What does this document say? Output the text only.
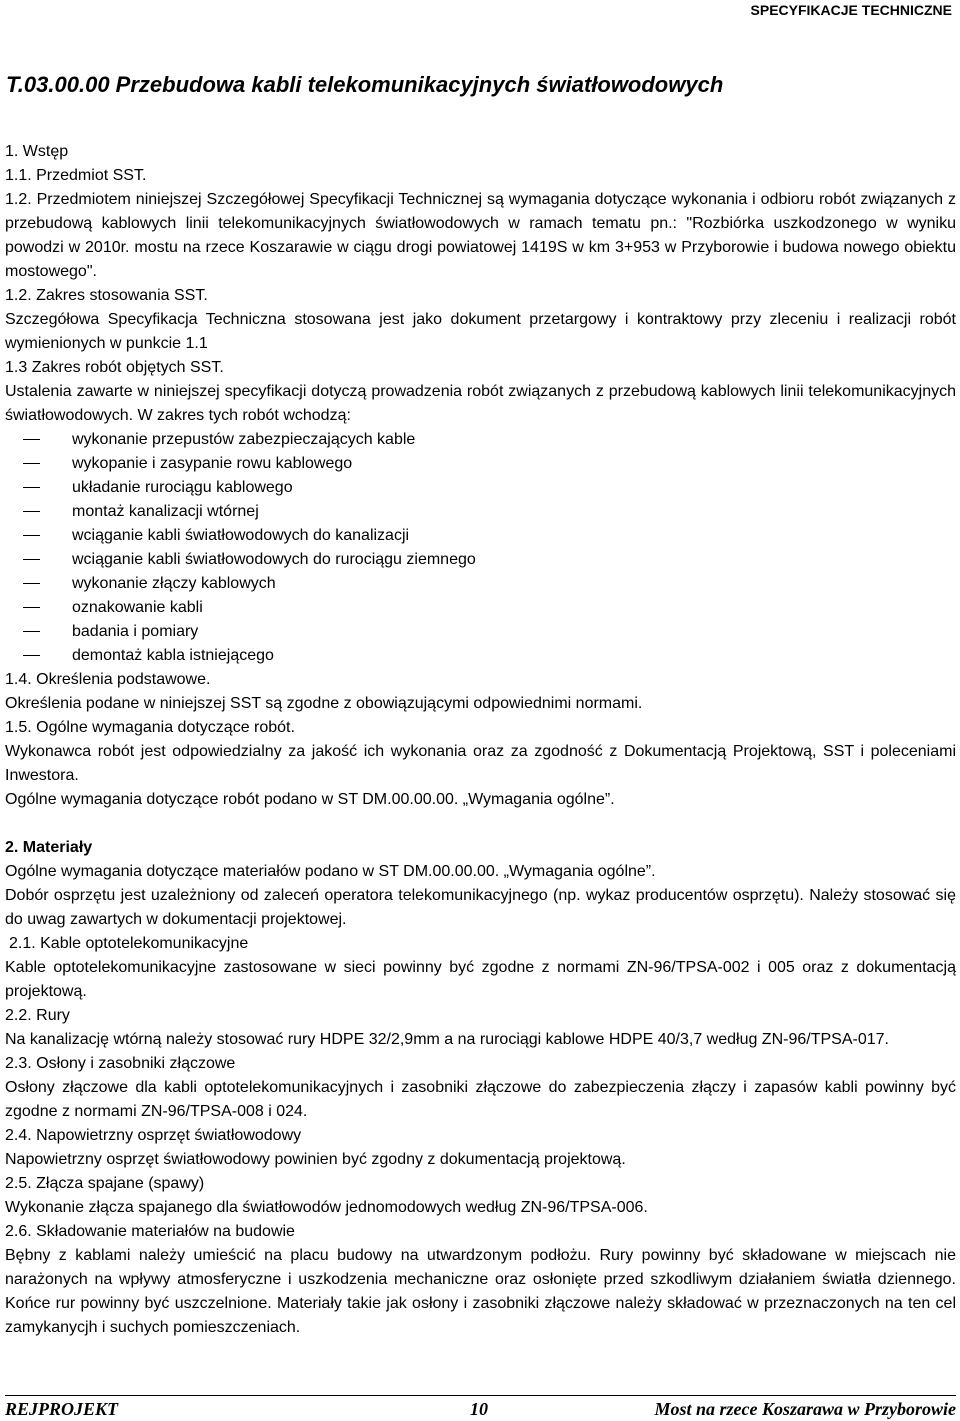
SPECYFIKACJE TECHNICZNE
T.03.00.00 Przebudowa kabli telekomunikacyjnych światłowodowych

1. Wstęp

1.1. Przedmiot SST.

1.2. Przedmiotem niniejszej Szczegółowej Specyfikacji Technicznej są wymagania dotyczące wykonania i odbioru robót związanych z przebudową kablowych linii telekomunikacyjnych światłowodowych w ramach tematu pn.: "Rozbiórka uszkodzonego w wyniku powodzi w 2010r. mostu na rzece Koszarawie w ciągu drogi powiatowej 1419S w km 3+953 w Przyborowie i budowa nowego obiektu mostowego".

1.2. Zakres stosowania SST.

Szczegółowa Specyfikacja Techniczna stosowana jest jako dokument przetargowy i kontraktowy przy zleceniu i realizacji robót wymienionych w punkcie 1.1

1.3 Zakres robót objętych SST.

Ustalenia zawarte w niniejszej specyfikacji dotyczą prowadzenia robót związanych z przebudową kablowych linii telekomunikacyjnych światłowodowych. W zakres tych robót wchodzą:

wykonanie przepustów zabezpieczających kable
wykopanie i zasypanie rowu kablowego
układanie rurociągu kablowego
montaż kanalizacji wtórnej
wciąganie kabli światłowodowych do kanalizacji
wciąganie kabli światłowodowych do rurociągu ziemnego
wykonanie złączy kablowych
oznakowanie kabli
badania i pomiary
demontaż kabla istniejącego

1.4. Określenia podstawowe.

Określenia podane w niniejszej SST są zgodne z obowiązującymi odpowiednimi normami.

1.5. Ogólne wymagania dotyczące robót.

Wykonawca robót jest odpowiedzialny za jakość ich wykonania oraz za zgodność z Dokumentacją Projektową, SST i poleceniami Inwestora.

Ogólne wymagania dotyczące robót podano w ST DM.00.00.00. „Wymagania ogólne”.

2. Materiały

Ogólne wymagania dotyczące materiałów podano w ST DM.00.00.00. „Wymagania ogólne”.

Dobór osprzętu jest uzależniony od zaleceń operatora telekomunikacyjnego (np. wykaz producentów osprzętu). Należy stosować się do uwag zawartych w dokumentacji projektowej.

2.1. Kable optotelekomunikacyjne

Kable optotelekomunikacyjne zastosowane w sieci powinny być zgodne z normami ZN-96/TPSA-002 i 005 oraz z dokumentacją projektową.

2.2. Rury

Na kanalizację wtórną należy stosować rury HDPE 32/2,9mm a na rurociągi kablowe HDPE 40/3,7 według ZN-96/TPSA-017.

2.3. Osłony i zasobniki złączowe

Osłony złączowe dla kabli optotelekomunikacyjnych i zasobniki złączowe do zabezpieczenia złączy i zapasów kabli powinny być zgodne z normami ZN-96/TPSA-008 i 024.

2.4. Napowietrzny osprzęt światłowodowy

Napowietrzny osprzęt światłowodowy powinien być zgodny z dokumentacją projektową.

2.5. Złącza spajane (spawy)

Wykonanie złącza spajanego dla światłowodów jednomodowych według ZN-96/TPSA-006.

2.6. Składowanie materiałów na budowie

Bębny z kablami należy umieścić na placu budowy na utwardzonym podłożu. Rury powinny być składowane w miejscach nie narażonych na wpływy atmosferyczne i uszkodzenia mechaniczne oraz osłonięte przed szkodliwym działaniem światła dziennego. Końce rur powinny być uszczelnione. Materiały takie jak osłony i zasobniki złączowe należy składować w przeznaczonych na ten cel zamykanycjh i suchych pomieszczeniach.

REJPROJEKT	10	Most na rzece Koszarawa w Przyborowie
